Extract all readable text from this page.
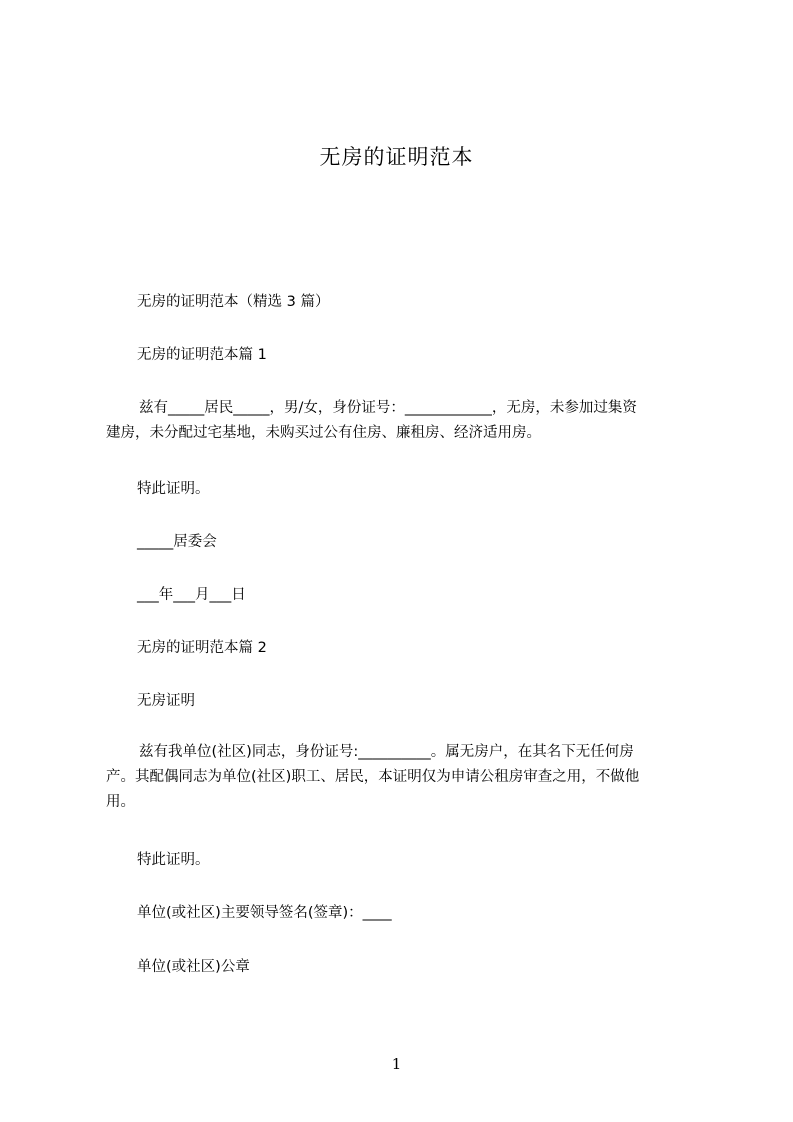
无房的证明范本
无房的证明范本（精选 3 篇）
无房的证明范本篇 1
兹有_____居民_____，男/女，身份证号：____________，无房，未参加过集资
建房，未分配过宅基地，未购买过公有住房、廉租房、经济适用房。
特此证明。
_____居委会
___年___月___日
无房的证明范本篇 2
无房证明
兹有我单位(社区)同志，身份证号:__________。属无房户，在其名下无任何房
产。其配偶同志为单位(社区)职工、居民，本证明仅为申请公租房审查之用，不做他
用。
特此证明。
单位(或社区)主要领导签名(签章)：____
单位(或社区)公章
1
